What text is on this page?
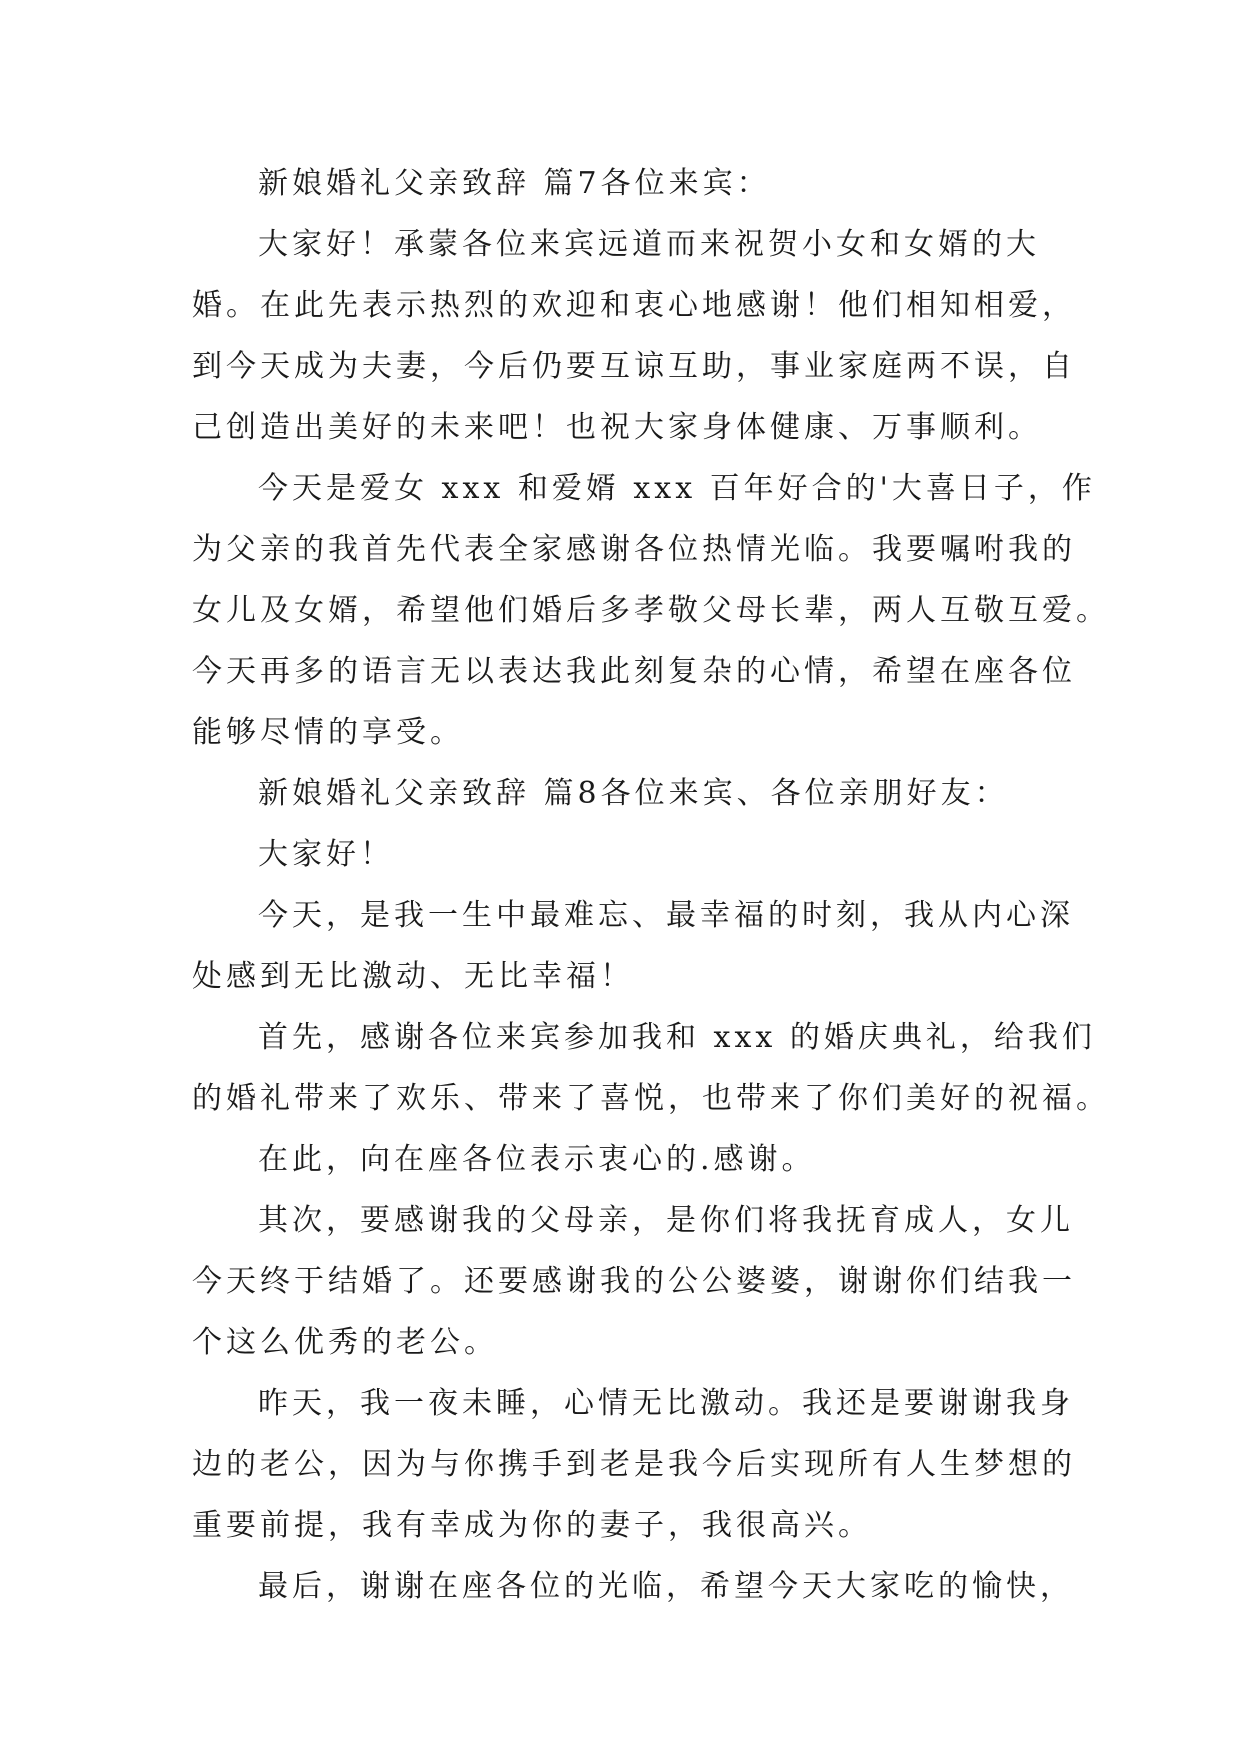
新娘婚礼父亲致辞 篇7各位来宾：

大家好！承蒙各位来宾远道而来祝贺小女和女婿的大

婚。在此先表示热烈的欢迎和衷心地感谢！他们相知相爱，

到今天成为夫妻，今后仍要互谅互助，事业家庭两不误，自

己创造出美好的未来吧！也祝大家身体健康、万事顺利。

今天是爱女 xxx 和爱婿 xxx 百年好合的'大喜日子，作

为父亲的我首先代表全家感谢各位热情光临。我要嘱咐我的

女儿及女婿，希望他们婚后多孝敬父母长辈，两人互敬互爱。

今天再多的语言无以表达我此刻复杂的心情，希望在座各位

能够尽情的享受。

新娘婚礼父亲致辞 篇8各位来宾、各位亲朋好友：

大家好！

今天，是我一生中最难忘、最幸福的时刻，我从内心深

处感到无比激动、无比幸福！

首先，感谢各位来宾参加我和 xxx 的婚庆典礼，给我们

的婚礼带来了欢乐、带来了喜悦，也带来了你们美好的祝福。

在此，向在座各位表示衷心的.感谢。

其次，要感谢我的父母亲，是你们将我抚育成人，女儿

今天终于结婚了。还要感谢我的公公婆婆，谢谢你们结我一

个这么优秀的老公。

昨天，我一夜未睡，心情无比激动。我还是要谢谢我身

边的老公，因为与你携手到老是我今后实现所有人生梦想的

重要前提，我有幸成为你的妻子，我很高兴。

最后，谢谢在座各位的光临，希望今天大家吃的愉快，
